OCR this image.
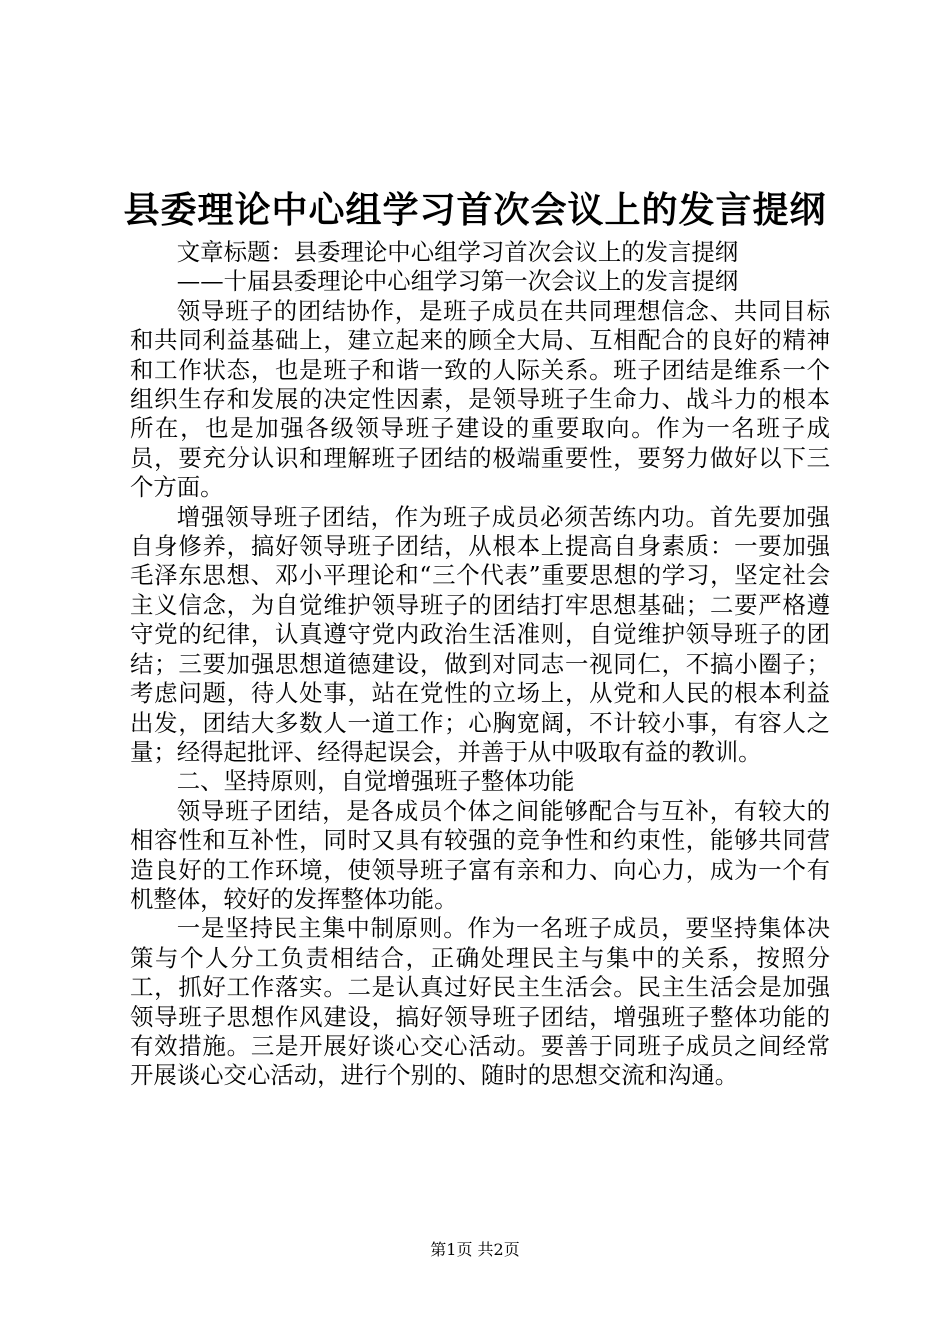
县委理论中心组学习首次会议上的发言提纲

文章标题：县委理论中心组学习首次会议上的发言提纲

——十届县委理论中心组学习第一次会议上的发言提纲

领导班子的团结协作，是班子成员在共同理想信念、共同目标和共同利益基础上，建立起来的顾全大局、互相配合的良好的精神和工作状态，也是班子和谐一致的人际关系。班子团结是维系一个组织生存和发展的决定性因素，是领导班子生命力、战斗力的根本所在，也是加强各级领导班子建设的重要取向。作为一名班子成员，要充分认识和理解班子团结的极端重要性，要努力做好以下三个方面。

增强领导班子团结，作为班子成员必须苦练内功。首先要加强自身修养，搞好领导班子团结，从根本上提高自身素质：一要加强毛泽东思想、邓小平理论和“三个代表”重要思想的学习，坚定社会主义信念，为自觉维护领导班子的团结打牢思想基础；二要严格遵守党的纪律，认真遵守党内政治生活准则，自觉维护领导班子的团结；三要加强思想道德建设，做到对同志一视同仁，不搞小圈子；考虑问题，待人处事，站在党性的立场上，从党和人民的根本利益出发，团结大多数人一道工作；心胸宽阔，不计较小事，有容人之量；经得起批评、经得起误会，并善于从中吸取有益的教训。

二、坚持原则，自觉增强班子整体功能

领导班子团结，是各成员个体之间能够配合与互补，有较大的相容性和互补性，同时又具有较强的竞争性和约束性，能够共同营造良好的工作环境，使领导班子富有亲和力、向心力，成为一个有机整体，较好的发挥整体功能。

一是坚持民主集中制原则。作为一名班子成员，要坚持集体决策与个人分工负责相结合，正确处理民主与集中的关系，按照分工，抓好工作落实。二是认真过好民主生活会。民主生活会是加强领导班子思想作风建设，搞好领导班子团结，增强班子整体功能的有效措施。三是开展好谈心交心活动。要善于同班子成员之间经常开展谈心交心活动，进行个别的、随时的思想交流和沟通。

第1页 共2页
